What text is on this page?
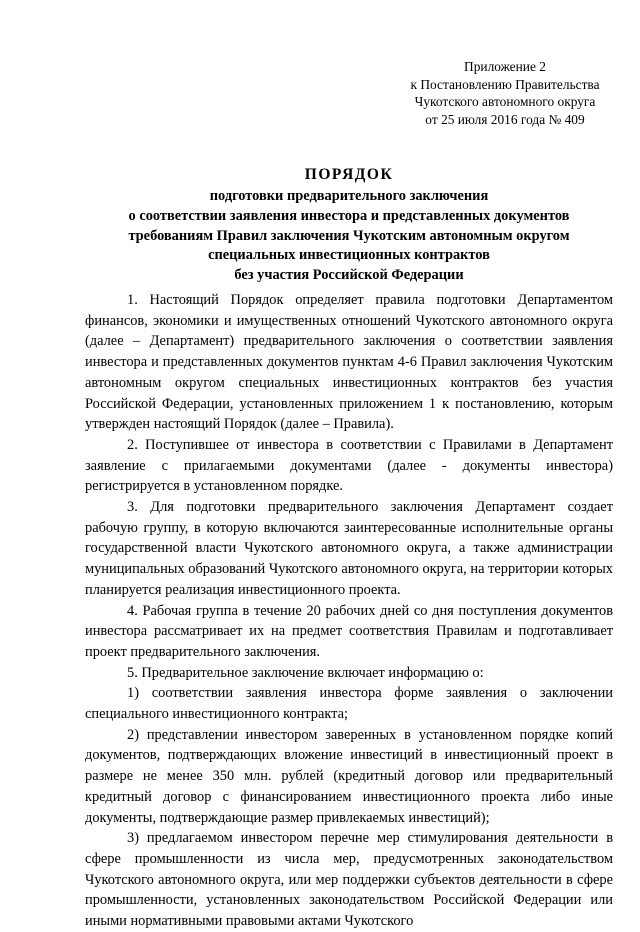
Приложение 2
к Постановлению Правительства
Чукотского автономного округа
от 25 июля 2016 года № 409
ПОРЯДОК
подготовки предварительного заключения
о соответствии заявления инвестора и представленных документов
требованиям Правил заключения Чукотским автономным округом
специальных инвестиционных контрактов
без участия Российской Федерации

1. Настоящий Порядок определяет правила подготовки Департаментом финансов, экономики и имущественных отношений Чукотского автономного округа (далее – Департамент) предварительного заключения о соответствии заявления инвестора и представленных документов пунктам 4-6 Правил заключения Чукотским автономным округом специальных инвестиционных контрактов без участия Российской Федерации, установленных приложением 1 к постановлению, которым утвержден настоящий Порядок (далее – Правила).

2. Поступившее от инвестора в соответствии с Правилами в Департамент заявление с прилагаемыми документами (далее - документы инвестора) регистрируется в установленном порядке.

3. Для подготовки предварительного заключения Департамент создает рабочую группу, в которую включаются заинтересованные исполнительные органы государственной власти Чукотского автономного округа, а также администрации муниципальных образований Чукотского автономного округа, на территории которых планируется реализация инвестиционного проекта.

4. Рабочая группа в течение 20 рабочих дней со дня поступления документов инвестора рассматривает их на предмет соответствия Правилам и подготавливает проект предварительного заключения.

5. Предварительное заключение включает информацию о:

1) соответствии заявления инвестора форме заявления о заключении специального инвестиционного контракта;

2) представлении инвестором заверенных в установленном порядке копий документов, подтверждающих вложение инвестиций в инвестиционный проект в размере не менее 350 млн. рублей (кредитный договор или предварительный кредитный договор с финансированием инвестиционного проекта либо иные документы, подтверждающие размер привлекаемых инвестиций);

3) предлагаемом инвестором перечне мер стимулирования деятельности в сфере промышленности из числа мер, предусмотренных законодательством Чукотского автономного округа, или мер поддержки субъектов деятельности в сфере промышленности, установленных законодательством Российской Федерации или иными нормативными правовыми актами Чукотского
